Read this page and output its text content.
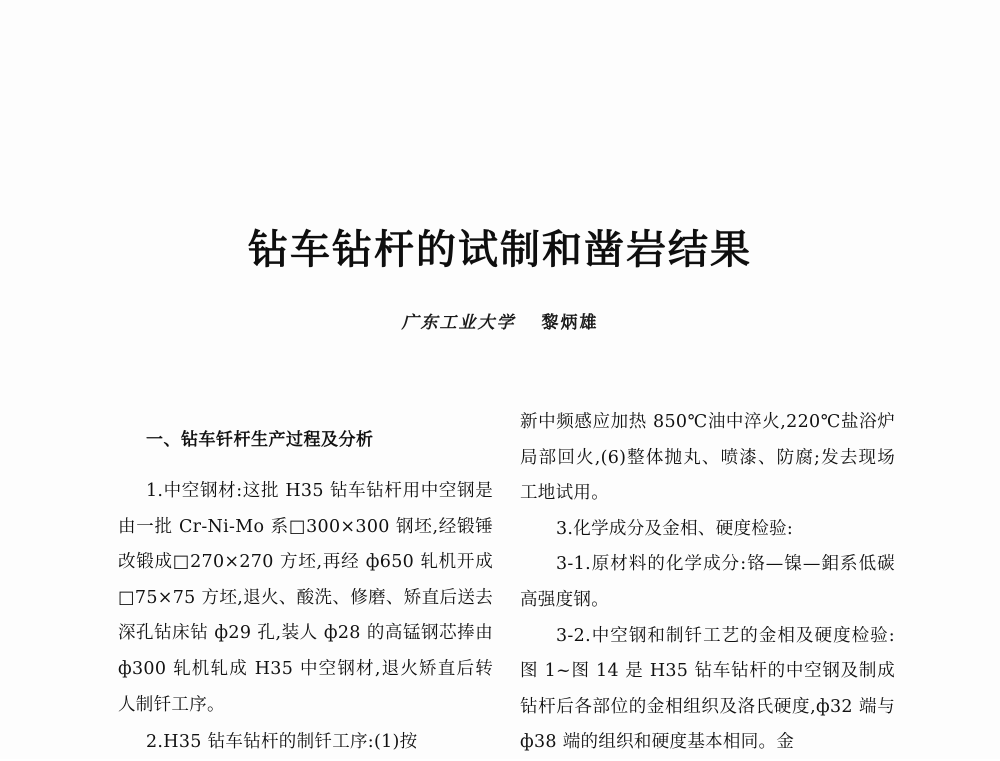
钻车钻杆的试制和凿岩结果
广东工业大学 黎炳雄
一、钻车钎杆生产过程及分析

1.中空钢材:这批 H35 钻车钻杆用中空钢是由一批 Cr-Ni-Mo 系□300×300 钢坯,经锻锤改锻成□270×270 方坯,再经 ф650 轧机开成□75×75 方坯,退火、酸洗、修磨、矫直后送去深孔钻床钻 ф29 孔,装人 ф28 的高锰钢芯捧由 ф300 轧机轧成 H35 中空钢材,退火矫直后转人制钎工序。

2.H35 钻车钻杆的制钎工序:(1)按

新中频感应加热 850℃油中淬火,220℃盐浴炉局部回火,(6)整体抛丸、喷漆、防腐;发去现场工地试用。

3.化学成分及金相、硬度检验:

3-1.原材料的化学成分:铬—镍—鉬系低碳高强度钢。

3-2.中空钢和制钎工艺的金相及硬度检验:图 1~图 14 是 H35 钻车钻杆的中空钢及制成钻杆后各部位的金相组织及洛氏硬度,ф32 端与 ф38 端的组织和硬度基本相同。金
